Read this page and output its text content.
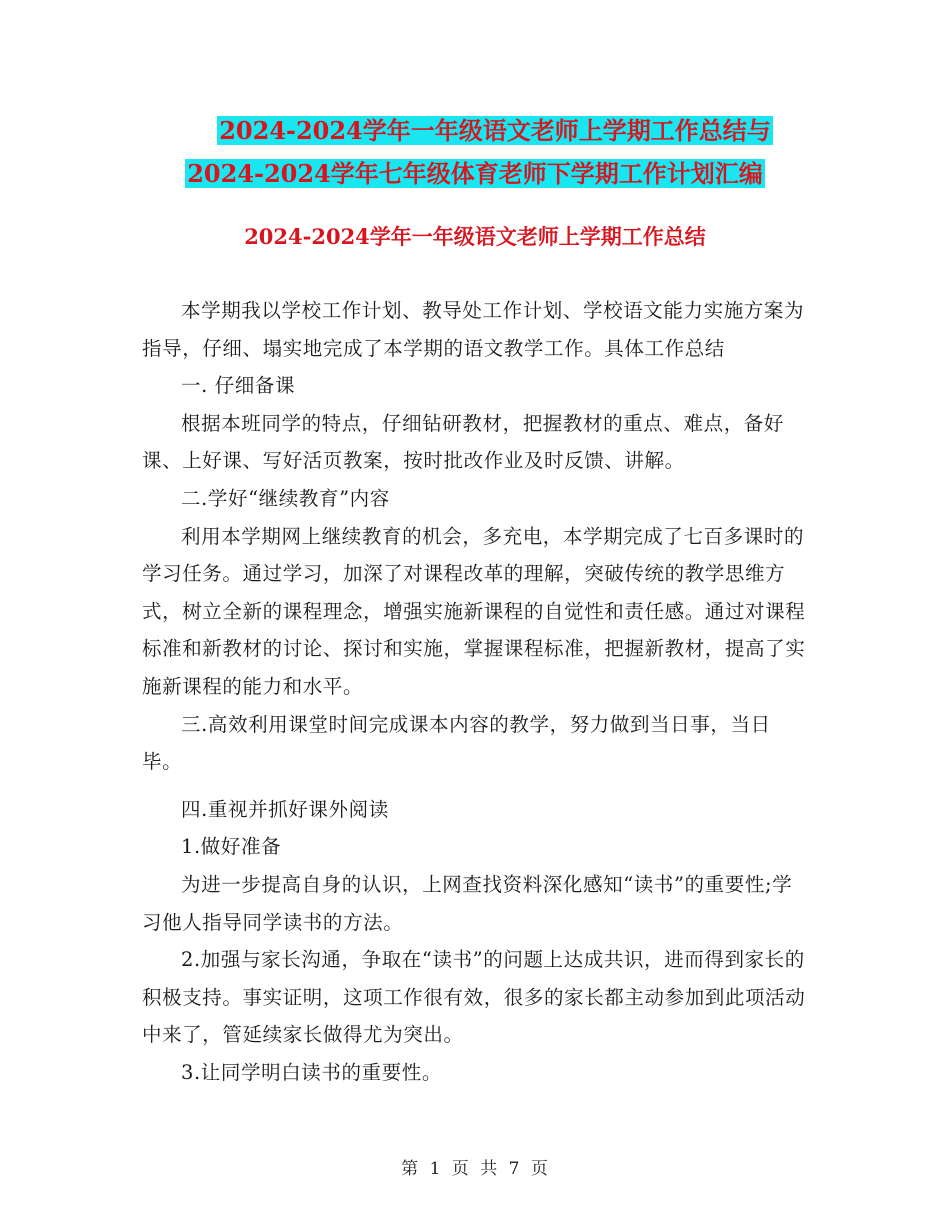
2024-2024学年一年级语文老师上学期工作总结与
2024-2024学年七年级体育老师下学期工作计划汇编
2024-2024学年一年级语文老师上学期工作总结

本学期我以学校工作计划、教导处工作计划、学校语文能力实施方案为指导，仔细、塌实地完成了本学期的语文教学工作。具体工作总结

一. 仔细备课

根据本班同学的特点，仔细钻研教材，把握教材的重点、难点，备好课、上好课、写好活页教案，按时批改作业及时反馈、讲解。

二.学好“继续教育”内容

利用本学期网上继续教育的机会，多充电，本学期完成了七百多课时的学习任务。通过学习，加深了对课程改革的理解，突破传统的教学思维方式，树立全新的课程理念，增强实施新课程的自觉性和责任感。通过对课程标准和新教材的讨论、探讨和实施，掌握课程标准，把握新教材，提高了实施新课程的能力和水平。

三.高效利用课堂时间完成课本内容的教学，努力做到当日事，当日毕。

四.重视并抓好课外阅读

1.做好准备

为进一步提高自身的认识，上网查找资料深化感知“读书”的重要性;学习他人指导同学读书的方法。

2.加强与家长沟通，争取在“读书”的问题上达成共识，进而得到家长的积极支持。事实证明，这项工作很有效，很多的家长都主动参加到此项活动中来了，管延续家长做得尤为突出。

3.让同学明白读书的重要性。

第 1 页 共 7 页
